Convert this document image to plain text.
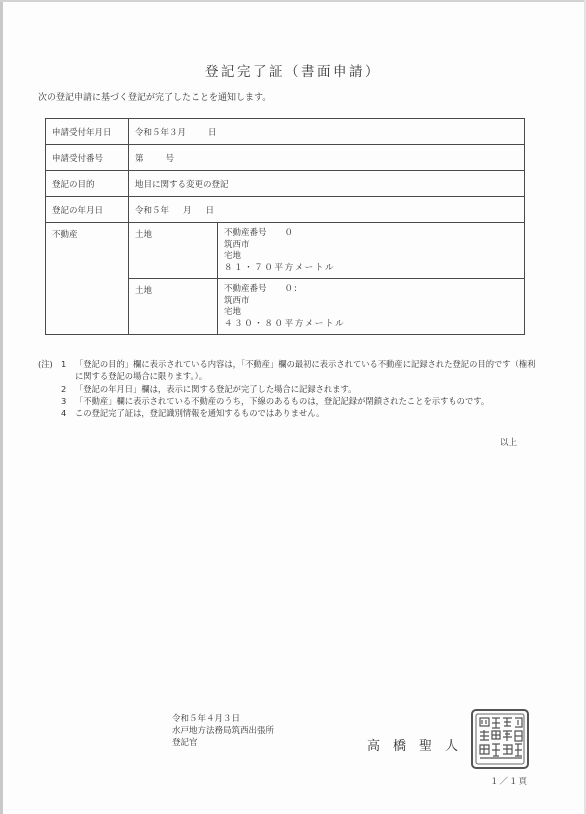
登記完了証（書面申請）
次の登記申請に基づく登記が完了したことを通知します。
申請受付年月日	令和５年３月 日	
申請受付番号	第 号	
登記の目的	地目に関する変更の登記	
登記の年月日	令和５年 月 日	
不動産	土地	不動産番号 ０
筑西市
宅地
８１・７０平方メートル

	土地	不動産番号 ０:
筑西市
宅地
４３０・８０平方メートル
(注) 1	「登記の目的」欄に表示されている内容は，「不動産」欄の最初に表示されている不動産に記録された登記の目的です（権利に関する登記の場合に限ります。）。
2	「登記の年月日」欄は，表示に関する登記が完了した場合に記録されます。
3	「不動産」欄に表示されている不動産のうち，下線のあるものは，登記記録が閉鎖されたことを示すものです。
4	この登記完了証は，登記識別情報を通知するものではありません。
以上
令和５年４月３日
水戸地方法務局筑西出張所
登記官	高橋聖人
１／１頁
